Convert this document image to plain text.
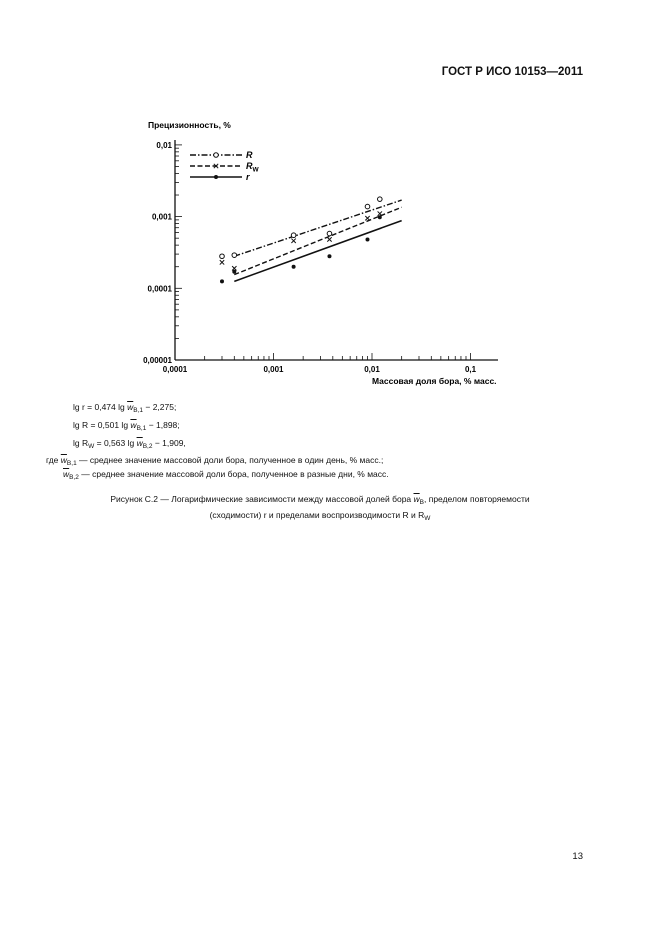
ГОСТ Р ИСО 10153—2011
0,0001	0,001	0,01	0,1
0,00001
0,0001
0,001
0,01
R
$R_W$
r
Прецизионность, %
Массовая доля бора, % масс.
lg r = 0,474 $\lg \overline{w}_{B,1} - 2,275$;
lg R = 0,501 $\lg \overline{w}_{B,1} - 1,898$;
$\lg R_W = 0,563$ $\lg \overline{w}_{B,2} - 1,909$,
где $\overline{w}_{B,1}$ — среднее значение массовой доли бора, полученное в один день, % масс.;
$\overline{w}_{B,2}$ — среднее значение массовой доли бора, полученное в разные дни, % масс.
Рисунок С.2 — Логарифмические зависимости между массовой долей бора $\overline{w}_B$, пределом повторяемости
(сходимости) r и пределами воспроизводимости R и $R_W$
13
